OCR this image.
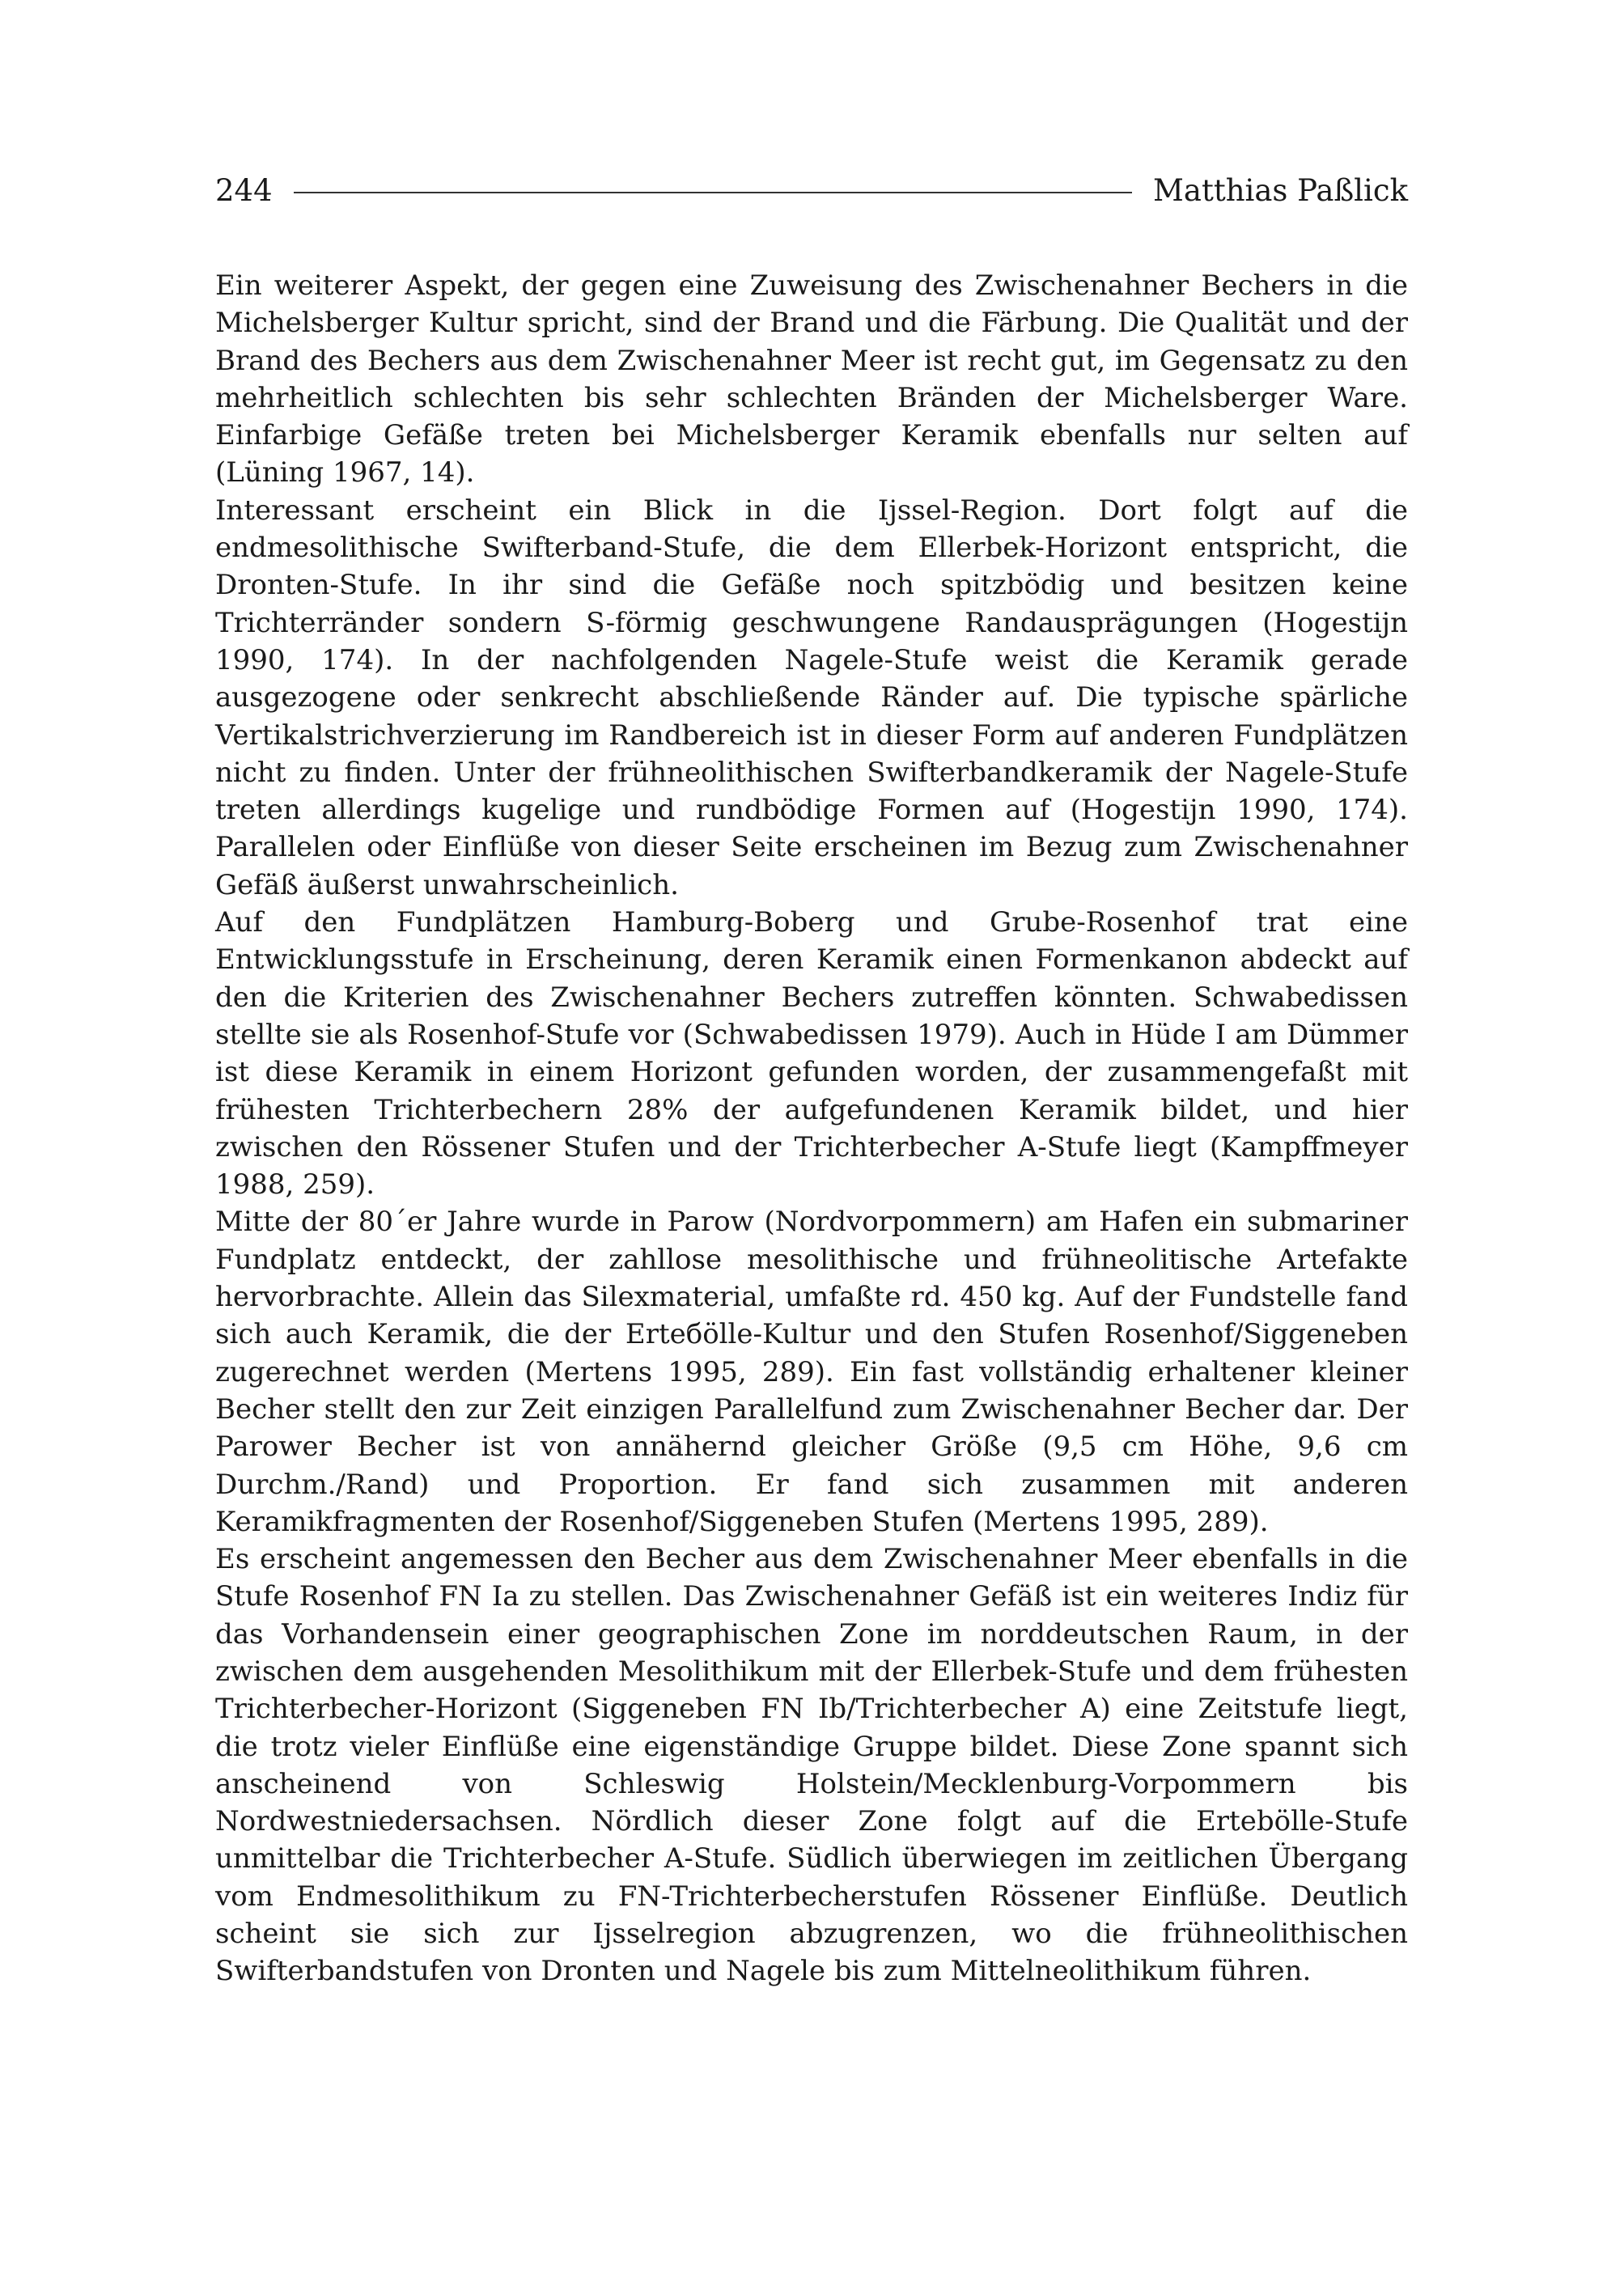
244	Matthias Paßlick

Ein weiterer Aspekt, der gegen eine Zuweisung des Zwischenahner Bechers in die Michelsberger Kultur spricht, sind der Brand und die Färbung. Die Qualität und der Brand des Bechers aus dem Zwischenahner Meer ist recht gut, im Gegensatz zu den mehrheitlich schlechten bis sehr schlechten Bränden der Michelsberger Ware. Einfarbige Gefäße treten bei Michelsberger Keramik ebenfalls nur selten auf (Lüning 1967, 14).

Interessant erscheint ein Blick in die Ijssel-Region. Dort folgt auf die endmesolithische Swifterband-Stufe, die dem Ellerbek-Horizont entspricht, die Dronten-Stufe. In ihr sind die Gefäße noch spitzbödig und besitzen keine Trichterränder sondern S-förmig geschwungene Randausprägungen (Hogestijn 1990, 174). In der nachfolgenden Nagele-Stufe weist die Keramik gerade ausgezogene oder senkrecht abschließende Ränder auf. Die typische spärliche Vertikalstrichverzierung im Randbereich ist in dieser Form auf anderen Fundplätzen nicht zu finden. Unter der frühneolithischen Swifterbandkeramik der Nagele-Stufe treten allerdings kugelige und rundbödige Formen auf (Hogestijn 1990, 174). Parallelen oder Einflüße von dieser Seite erscheinen im Bezug zum Zwischenahner Gefäß äußerst unwahrscheinlich.

Auf den Fundplätzen Hamburg-Boberg und Grube-Rosenhof trat eine Entwicklungsstufe in Erscheinung, deren Keramik einen Formenkanon abdeckt auf den die Kriterien des Zwischenahner Bechers zutreffen könnten. Schwabedissen stellte sie als Rosenhof-Stufe vor (Schwabedissen 1979). Auch in Hüde I am Dümmer ist diese Keramik in einem Horizont gefunden worden, der zusammengefaßt mit frühesten Trichterbechern 28% der aufgefundenen Keramik bildet, und hier zwischen den Rössener Stufen und der Trichterbecher A-Stufe liegt (Kampffmeyer 1988, 259).

Mitte der 80´er Jahre wurde in Parow (Nordvorpommern) am Hafen ein submariner Fundplatz entdeckt, der zahllose mesolithische und frühneolitische Artefakte hervorbrachte. Allein das Silexmaterial, umfaßte rd. 450 kg. Auf der Fundstelle fand sich auch Keramik, die der Erteбölle-Kultur und den Stufen Rosenhof/Siggeneben zugerechnet werden (Mertens 1995, 289). Ein fast vollständig erhaltener kleiner Becher stellt den zur Zeit einzigen Parallelfund zum Zwischenahner Becher dar. Der Parower Becher ist von annähernd gleicher Größe (9,5 cm Höhe, 9,6 cm Durchm./Rand) und Proportion. Er fand sich zusammen mit anderen Keramikfragmenten der Rosenhof/Siggeneben Stufen (Mertens 1995, 289).

Es erscheint angemessen den Becher aus dem Zwischenahner Meer ebenfalls in die Stufe Rosenhof FN Ia zu stellen. Das Zwischenahner Gefäß ist ein weiteres Indiz für das Vorhandensein einer geographischen Zone im norddeutschen Raum, in der zwischen dem ausgehenden Mesolithikum mit der Ellerbek-Stufe und dem frühesten Trichterbecher-Horizont (Siggeneben FN Ib/Trichterbecher A) eine Zeitstufe liegt, die trotz vieler Einflüße eine eigenständige Gruppe bildet. Diese Zone spannt sich anscheinend von Schleswig Holstein/Mecklenburg-Vorpommern bis Nordwestniedersachsen. Nördlich dieser Zone folgt auf die Erteböllе-Stufe unmittelbar die Trichterbecher A-Stufe. Südlich überwiegen im zeitlichen Übergang vom Endmesolithikum zu FN-Trichterbecherstufen Rössener Einflüße. Deutlich scheint sie sich zur Ijsselregion abzugrenzen, wo die frühneolithischen Swifterbandstufen von Dronten und Nagele bis zum Mittelneolithikum führen.
